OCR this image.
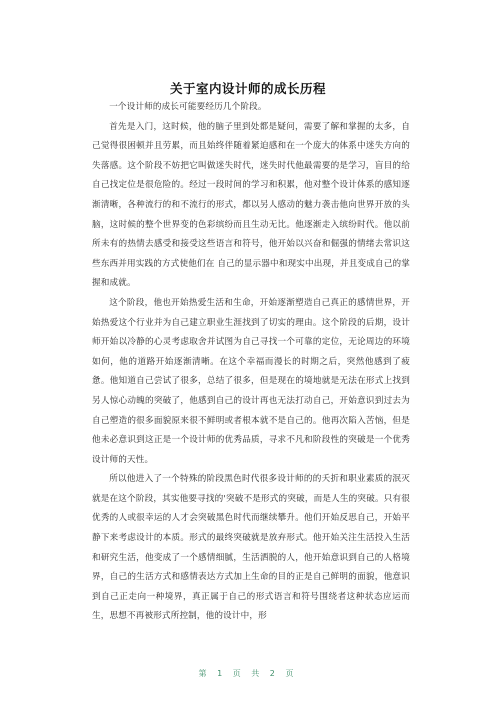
关于室内设计师的成长历程

一个设计师的成长可能要经历几个阶段。

首先是入门，这时候，他的脑子里到处都是疑问，需要了解和掌握的太多，自己觉得很困顿并且劳累，而且始终伴随着紧迫感和在一个庞大的体系中迷失方向的失落感。这个阶段不妨把它叫做迷失时代，迷失时代他最需要的是学习，盲目的给自己找定位是很危险的。经过一段时间的学习和积累，他对整个设计体系的感知逐渐清晰，各种流行的和不流行的形式，都以另人感动的魅力袭击他向世界开放的头脑，这时候的整个世界变的色彩缤纷而且生动无比。他逐渐走入缤纷时代。他以前所未有的热情去感受和接受这些语言和符号，他开始以兴奋和倔强的情绪去常识这些东西并用实践的方式使他们在 自己的显示器中和现实中出现，并且变成自己的掌握和成就。

这个阶段，他也开始热爱生活和生命，开始逐渐塑造自己真正的感情世界，开始热爱这个行业并为自己建立职业生涯找到了切实的理由。这个阶段的后期，设计师开始以冷静的心灵考虑取舍并试图为自己寻找一个可靠的定位，无论周边的环境如何，他的道路开始逐渐清晰。在这个幸福而漫长的时期之后，突然他感到了疲惫。他知道自己尝试了很多，总结了很多，但是现在的境地就是无法在形式上找到另人惊心动魄的突破了，他感到自己的设计再也无法打动自己，开始意识到过去为自己塑造的很多面貌原来很不鲜明或者根本就不是自己的。他再次陷入苦恼，但是他未必意识到这正是一个设计师的优秀品质，寻求不凡和阶段性的突破是一个优秀设计师的天性。

所以他进入了一个特殊的阶段黑色时代很多设计师的的夭折和职业素质的泯灭就是在这个阶段，其实他要寻找的'突破不是形式的突破，而是人生的突破。只有很优秀的人或很幸运的人才会突破黑色时代而继续攀升。他们开始反思自己，开始平静下来考虑设计的本质。形式的最终突破就是放弃形式。他开始关注生活投入生活和研究生活，他变成了一个感情细腻，生活洒脱的人，他开始意识到自己的人格境界，自己的生活方式和感情表达方式加上生命的目的正是自己鲜明的面貌，他意识到自己正走向一种境界，真正属于自己的形式语言和符号围绕者这种状态应运而生，思想不再被形式所控制，他的设计中，形

第 1 页 共 2 页
